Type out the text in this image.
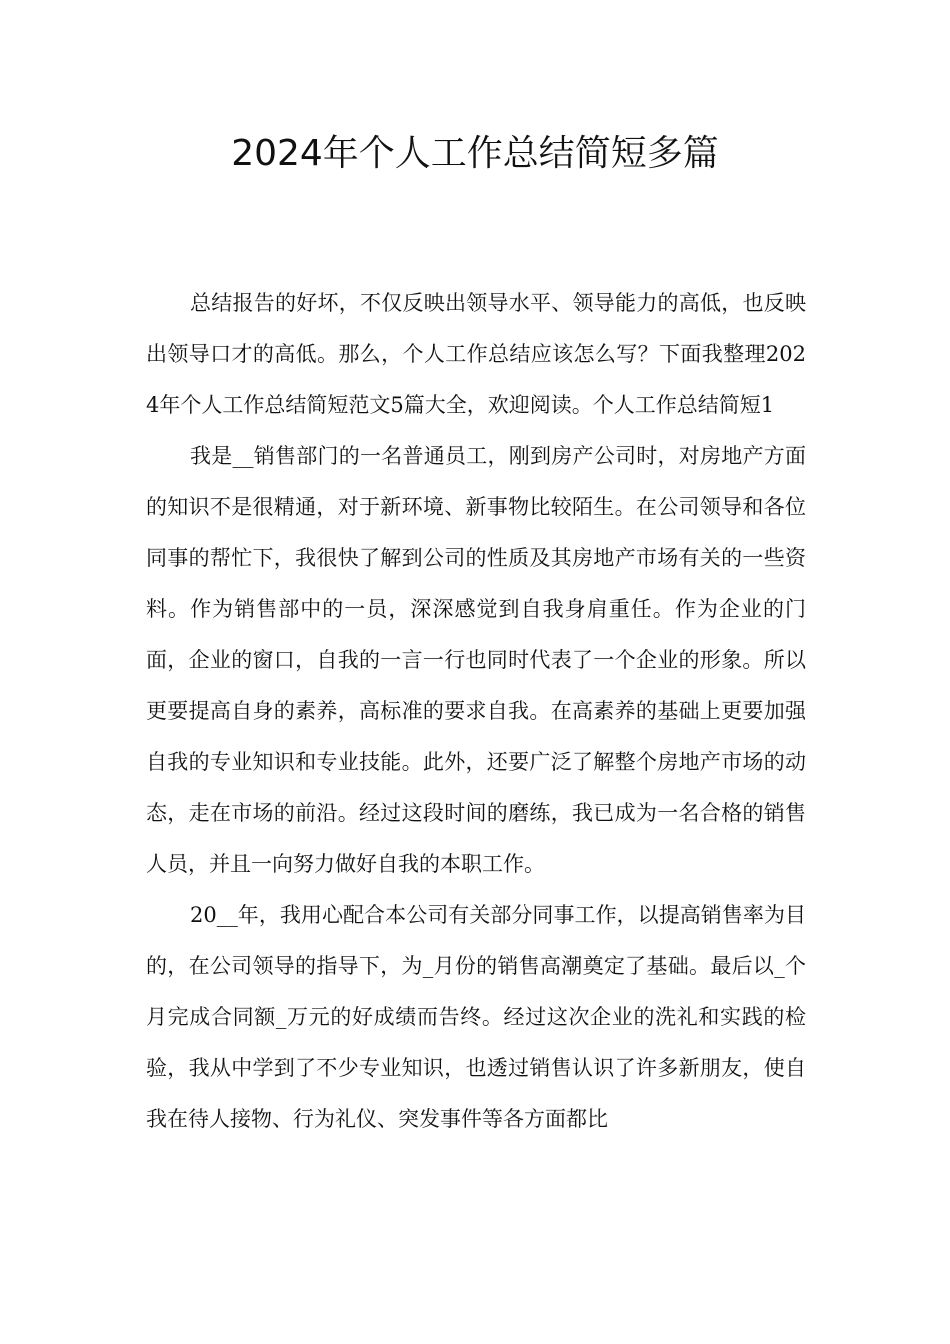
2024年个人工作总结简短多篇

总结报告的好坏，不仅反映出领导水平、领导能力的高低，也反映出领导口才的高低。那么，个人工作总结应该怎么写？下面我整理2024年个人工作总结简短范文5篇大全，欢迎阅读。个人工作总结简短1

我是__销售部门的一名普通员工，刚到房产公司时，对房地产方面的知识不是很精通，对于新环境、新事物比较陌生。在公司领导和各位同事的帮忙下，我很快了解到公司的性质及其房地产市场有关的一些资料。作为销售部中的一员，深深感觉到自我身肩重任。作为企业的门面，企业的窗口，自我的一言一行也同时代表了一个企业的形象。所以更要提高自身的素养，高标准的要求自我。在高素养的基础上更要加强自我的专业知识和专业技能。此外，还要广泛了解整个房地产市场的动态，走在市场的前沿。经过这段时间的磨练，我已成为一名合格的销售人员，并且一向努力做好自我的本职工作。

20__年，我用心配合本公司有关部分同事工作，以提高销售率为目的，在公司领导的指导下，为_月份的销售高潮奠定了基础。最后以_个月完成合同额_万元的好成绩而告终。经过这次企业的洗礼和实践的检验，我从中学到了不少专业知识，也透过销售认识了许多新朋友，使自我在待人接物、行为礼仪、突发事件等各方面都比
